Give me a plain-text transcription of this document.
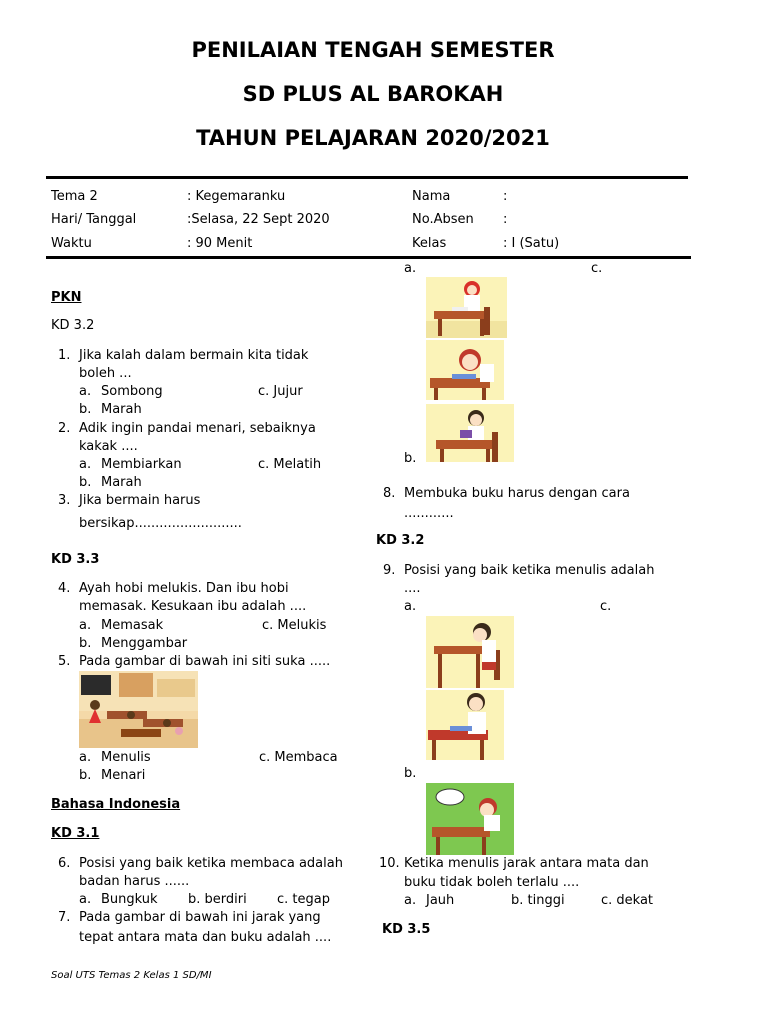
PENILAIAN TENGAH SEMESTER
SD PLUS AL BAROKAH
TAHUN PELAJARAN 2020/2021
Tema 2	: Kegemaranku	Nama	:
Hari/ Tanggal	:Selasa, 22 Sept 2020	No.Absen :
Waktu	: 90 Menit	Kelas	: I (Satu)
PKN
KD 3.2
1. Jika kalah dalam bermain kita tidak
boleh ...
a. Sombong	c. Jujur
b. Marah
2. Adik ingin pandai menari, sebaiknya
kakak ....
a. Membiarkan	c. Melatih
b. Marah
3. Jika bermain harus
bersikap..........................
KD 3.3
4. Ayah hobi melukis. Dan ibu hobi
memasak. Kesukaan ibu adalah ....
a. Memasak	c. Melukis
b. Menggambar
5. Pada gambar di bawah ini siti suka .....
a. Menulis	c. Membaca
b. Menari
Bahasa Indonesia
KD 3.1
6. Posisi yang baik ketika membaca adalah
badan harus ......
a. Bungkuk b. berdiri c. tegap
7. Pada gambar di bawah ini jarak yang
tepat antara mata dan buku adalah ....
Soal UTS Temas 2 Kelas 1 SD/MI
a.	c.
b.
8. Membuka buku harus dengan cara
............
KD 3.2
9. Posisi yang baik ketika menulis adalah
....
a.	c.
b.
10. Ketika menulis jarak antara mata dan
buku tidak boleh terlalu ....
a. Jauh	b. tinggi	c. dekat
KD 3.5
